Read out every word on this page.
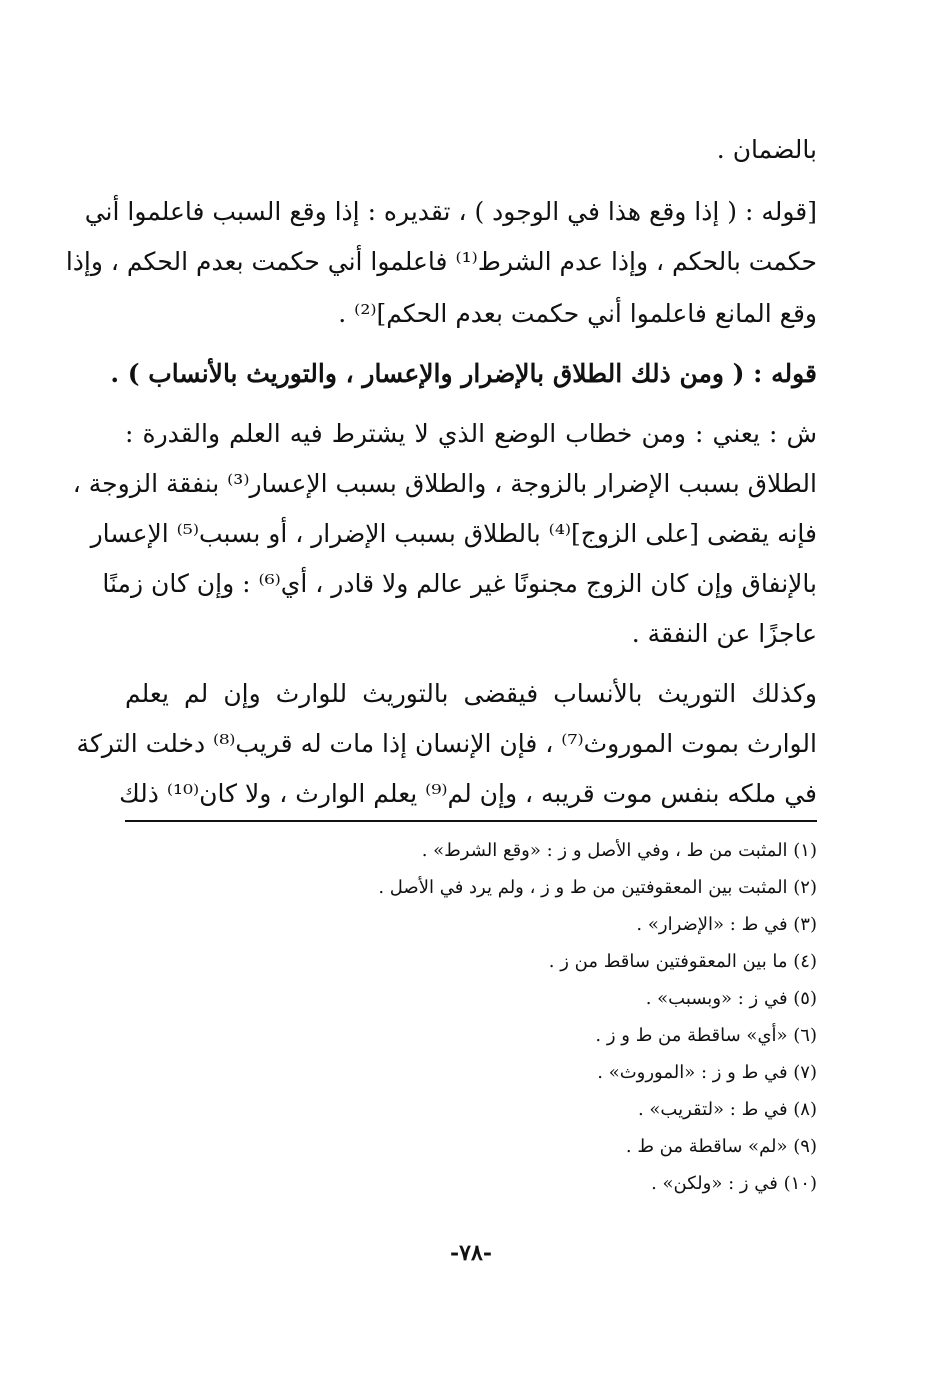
بالضمان .
[قوله : ( إذا وقع هذا في الوجود ) ، تقديره : إذا وقع السبب فاعلموا أني
حكمت بالحكم ، وإذا عدم الشرط⁽¹⁾ فاعلموا أني حكمت بعدم الحكم ، وإذا
وقع المانع فاعلموا أني حكمت بعدم الحكم]⁽²⁾ .
قوله : ( ومن ذلك الطلاق بالإضرار والإعسار ، والتوريث بالأنساب ) .
ش : يعني : ومن خطاب الوضع الذي لا يشترط فيه العلم والقدرة :
الطلاق بسبب الإضرار بالزوجة ، والطلاق بسبب الإعسار⁽³⁾ بنفقة الزوجة ،
فإنه يقضى [على الزوج]⁽⁴⁾ بالطلاق بسبب الإضرار ، أو بسبب⁽⁵⁾ الإعسار
بالإنفاق وإن كان الزوج مجنونًا غير عالم ولا قادر ، أي⁽⁶⁾ : وإن كان زمنًا
عاجزًا عن النفقة .
وكذلك التوريث بالأنساب فيقضى بالتوريث للوارث وإن لم يعلم
الوارث بموت الموروث⁽⁷⁾ ، فإن الإنسان إذا مات له قريب⁽⁸⁾ دخلت التركة
في ملكه بنفس موت قريبه ، وإن لم⁽⁹⁾ يعلم الوارث ، ولا كان⁽¹⁰⁾ ذلك
(١) المثبت من ط ، وفي الأصل و ز : «وقع الشرط» .
(٢) المثبت بين المعقوفتين من ط و ز ، ولم يرد في الأصل .
(٣) في ط : «الإضرار» .
(٤) ما بين المعقوفتين ساقط من ز .
(٥) في ز : «وبسبب» .
(٦) «أي» ساقطة من ط و ز .
(٧) في ط و ز : «الموروث» .
(٨) في ط : «لتقريب» .
(٩) «لم» ساقطة من ط .
(١٠) في ز : «ولكن» .
-٧٨-
